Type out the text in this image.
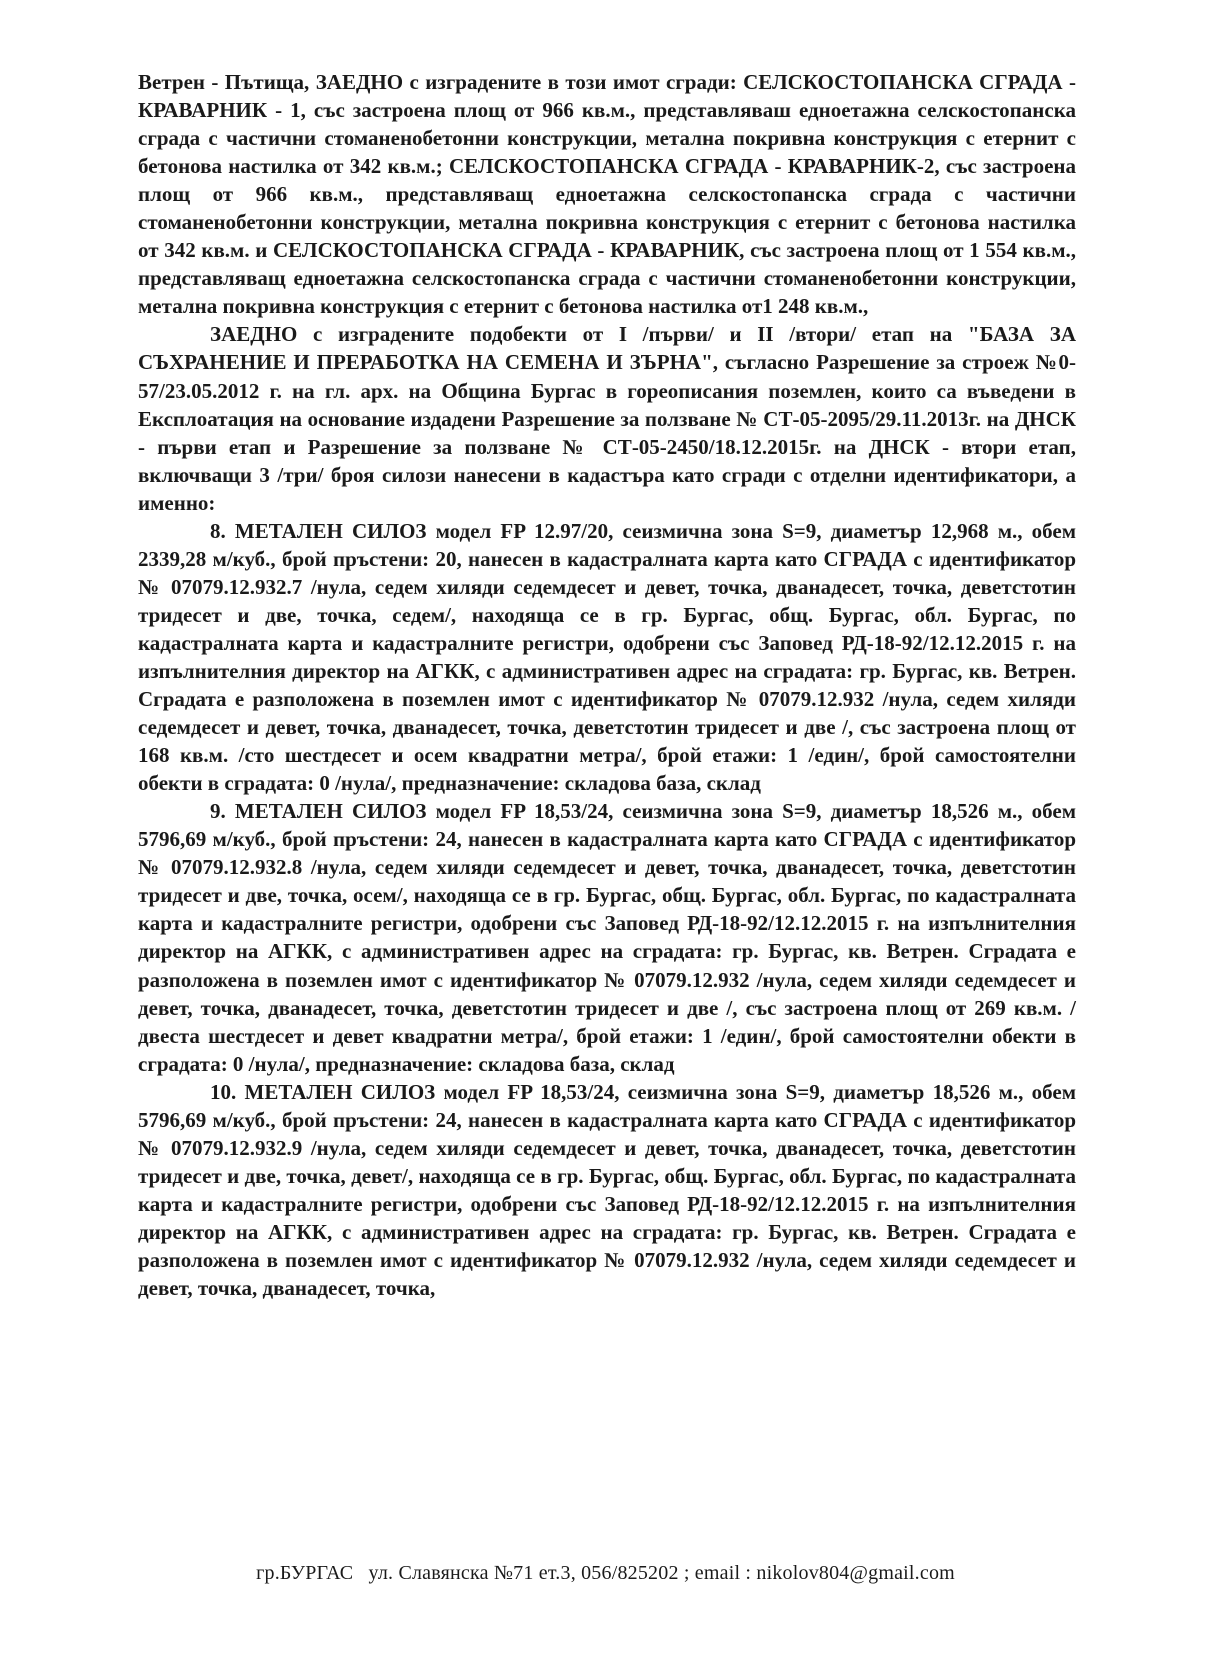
Ветрен - Пътища, ЗАЕДНО с изградените в този имот сгради: СЕЛСКОСТОПАНСКА СГРАДА - КРАВАРНИК - 1, със застроена площ от 966 кв.м., представляваш едноетажна селскостопанска сграда с частични стоманенобетонни конструкции, метална покривна конструкция с етернит с бетонова настилка от 342 кв.м.; СЕЛСКОСТОПАНСКА СГРАДА - КРАВАРНИК-2, със застроена площ от 966 кв.м., представляващ едноетажна селскостопанска сграда с частични стоманенобетонни конструкции, метална покривна конструкция с етернит с бетонова настилка от 342 кв.м. и СЕЛСКОСТОПАНСКА СГРАДА - КРАВАРНИК, със застроена площ от 1 554 кв.м., представляващ едноетажна селскостопанска сграда с частични стоманенобетонни конструкции, метална покривна конструкция с етернит с бетонова настилка от1 248 кв.м.,

ЗАЕДНО с изградените подобекти от I /първи/ и II /втори/ етап на "БАЗА ЗА СЪХРАНЕНИЕ И ПРЕРАБОТКА НА СЕМЕНА И ЗЪРНА", съгласно Разрешение за строеж №0-57/23.05.2012 г. на гл. арх. на Община Бургас в гореописания поземлен, които са въведени в Експлоатация на основание издадени Разрешение за ползване № СТ-05-2095/29.11.2013г. на ДНСК - първи етап и Разрешение за ползване № СТ-05-2450/18.12.2015г. на ДНСК - втори етап, включващи 3 /три/ броя силози нанесени в кадастъра като сгради с отделни идентификатори, а именно:

8. МЕТАЛЕН СИЛОЗ модел FP 12.97/20, сеизмична зона S=9, диаметър 12,968 м., обем 2339,28 м/куб., брой пръстени: 20, нанесен в кадастралната карта като СГРАДА с идентификатор № 07079.12.932.7 /нула, седем хиляди седемдесет и девет, точка, дванадесет, точка, деветстотин тридесет и две, точка, седем/, находяща се в гр. Бургас, общ. Бургас, обл. Бургас, по кадастралната карта и кадастралните регистри, одобрени със Заповед РД-18-92/12.12.2015 г. на изпълнителния директор на АГКК, с административен адрес на сградата: гр. Бургас, кв. Ветрен. Сградата е разположена в поземлен имот с идентификатор № 07079.12.932 /нула, седем хиляди седемдесет и девет, точка, дванадесет, точка, деветстотин тридесет и две /, със застроена площ от 168 кв.м. /сто шестдесет и осем квадратни метра/, брой етажи: 1 /един/, брой самостоятелни обекти в сградата: 0 /нула/, предназначение: складова база, склад

9. МЕТАЛЕН СИЛОЗ модел FP 18,53/24, сеизмична зона S=9, диаметър 18,526 м., обем 5796,69 м/куб., брой пръстени: 24, нанесен в кадастралната карта като СГРАДА с идентификатор № 07079.12.932.8 /нула, седем хиляди седемдесет и девет, точка, дванадесет, точка, деветстотин тридесет и две, точка, осем/, находяща се в гр. Бургас, общ. Бургас, обл. Бургас, по кадастралната карта и кадастралните регистри, одобрени със Заповед РД-18-92/12.12.2015 г. на изпълнителния директор на АГКК, с административен адрес на сградата: гр. Бургас, кв. Ветрен. Сградата е разположена в поземлен имот с идентификатор № 07079.12.932 /нула, седем хиляди седемдесет и девет, точка, дванадесет, точка, деветстотин тридесет и две /, със застроена площ от 269 кв.м. /двеста шестдесет и девет квадратни метра/, брой етажи: 1 /един/, брой самостоятелни обекти в сградата: 0 /нула/, предназначение: складова база, склад

10. МЕТАЛЕН СИЛОЗ модел FP 18,53/24, сеизмична зона S=9, диаметър 18,526 м., обем 5796,69 м/куб., брой пръстени: 24, нанесен в кадастралната карта като СГРАДА с идентификатор № 07079.12.932.9 /нула, седем хиляди седемдесет и девет, точка, дванадесет, точка, деветстотин тридесет и две, точка, девет/, находяща се в гр. Бургас, общ. Бургас, обл. Бургас, по кадастралната карта и кадастралните регистри, одобрени със Заповед РД-18-92/12.12.2015 г. на изпълнителния директор на АГКК, с административен адрес на сградата: гр. Бургас, кв. Ветрен. Сградата е разположена в поземлен имот с идентификатор № 07079.12.932 /нула, седем хиляди седемдесет и девет, точка, дванадесет, точка,

гр.БУРГАС ул. Славянска №71 ет.3, 056/825202 ; email : nikolov804@gmail.com
